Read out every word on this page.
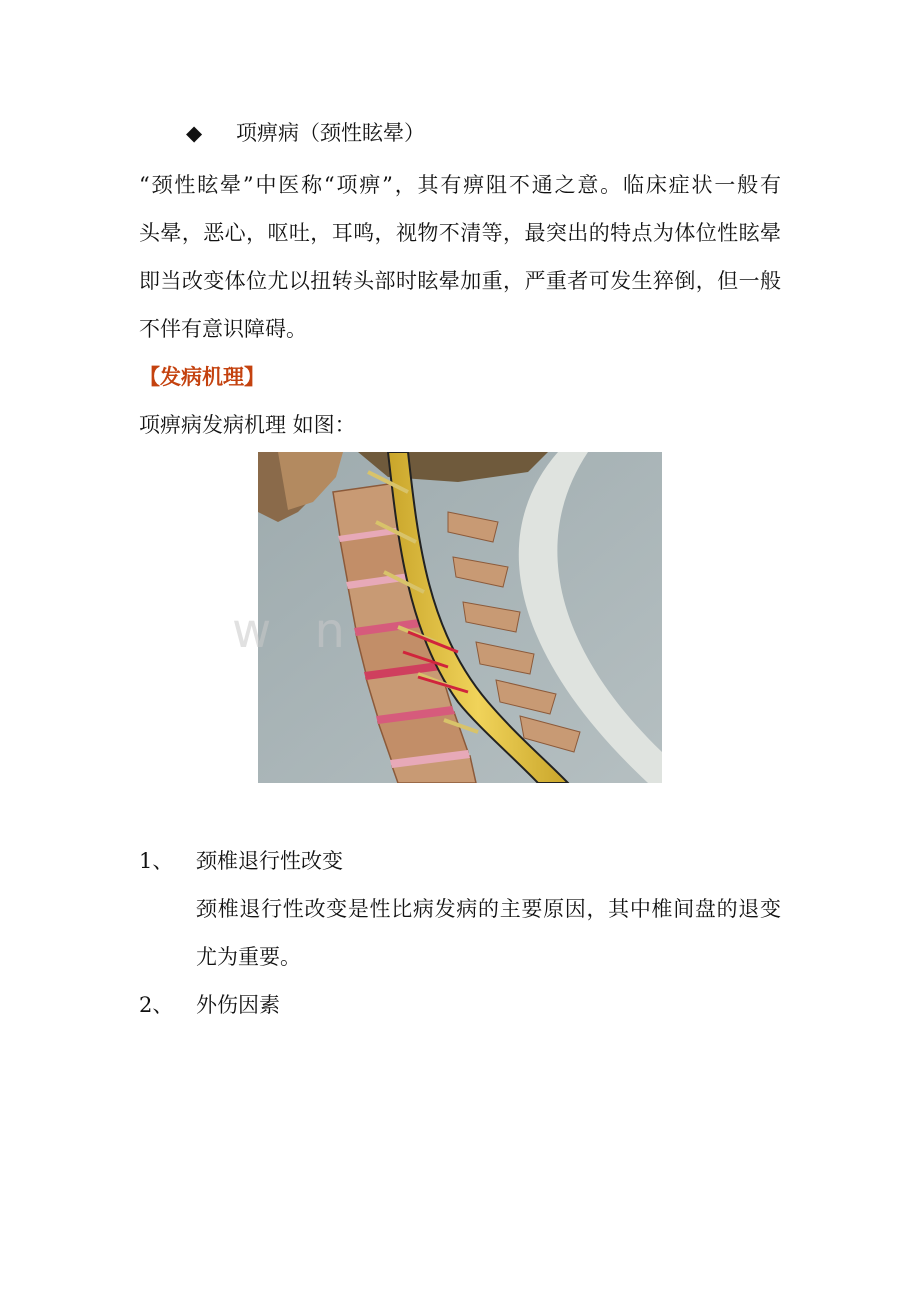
◆ 项痹病（颈性眩晕）
“颈性眩晕”中医称“项痹”，其有痹阻不通之意。临床症状一般有
头晕，恶心，呕吐，耳鸣，视物不清等，最突出的特点为体位性眩晕
即当改变体位尤以扭转头部时眩晕加重，严重者可发生猝倒，但一般
不伴有意识障碍。
【发病机理】
项痹病发病机理 如图：
w n
1、 颈椎退行性改变
颈椎退行性改变是性比病发病的主要原因，其中椎间盘的退变
尤为重要。
2、 外伤因素
